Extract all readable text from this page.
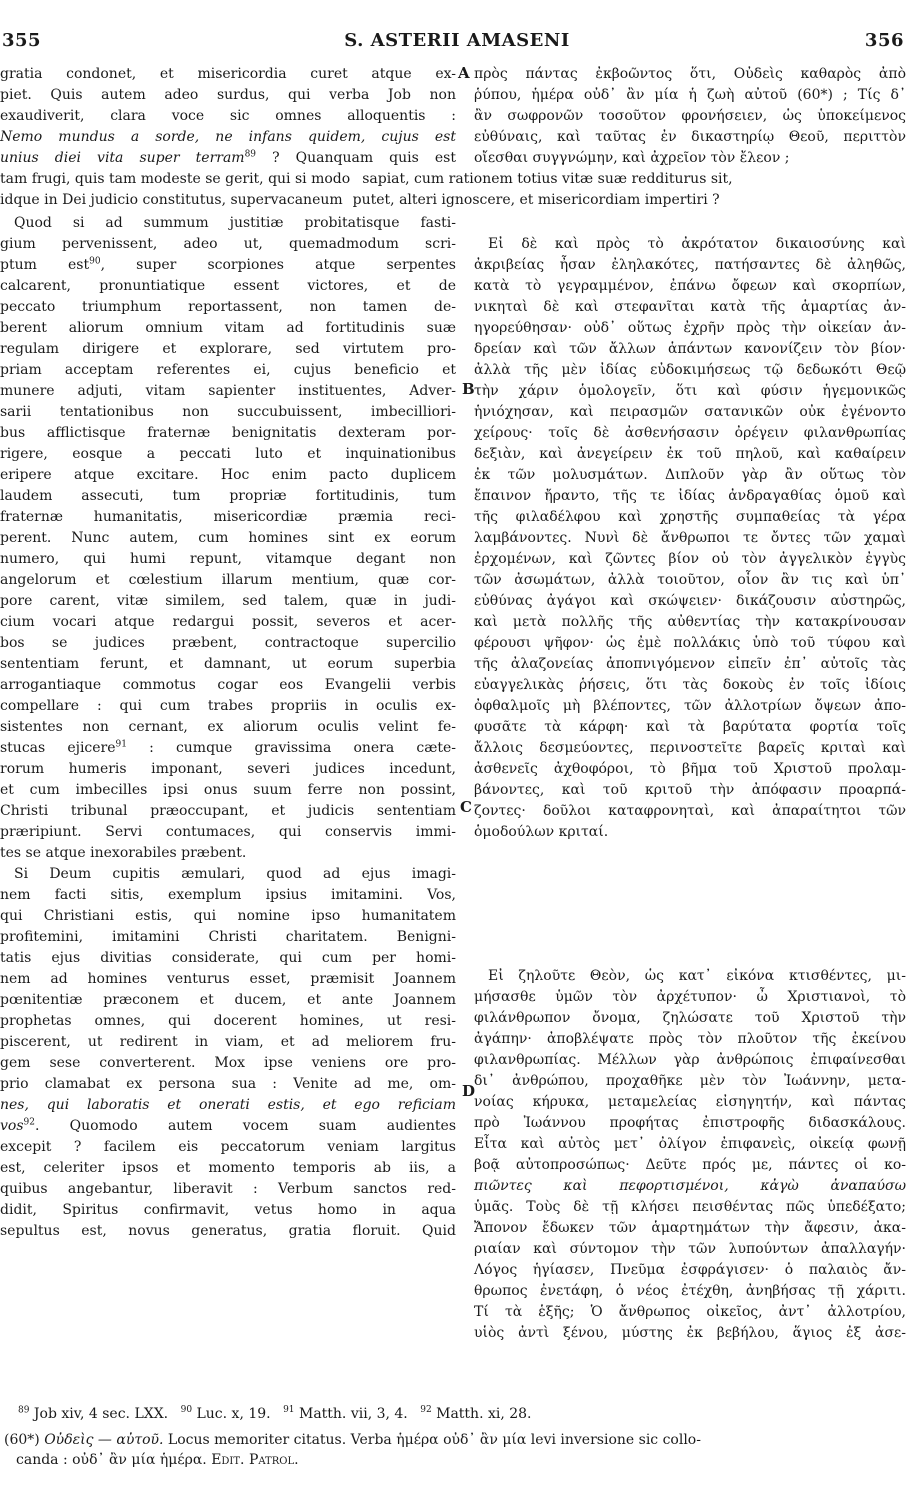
355	S. ASTERII AMASENI	356

gratia condonet, et misericordia curet atque ex-

piet. Quis autem adeo surdus, qui verba Job non

exaudiverit, clara voce sic omnes alloquentis :

Nemo mundus a sorde, ne infans quidem, cujus est

unius diei vita super terram$^{89}$ ? Quanquam quis est

tam frugi, quis tam modeste se gerit, qui si modo sapiat, cum rationem totius vitæ suæ redditurus sit,

idque in Dei judicio constitutus, supervacaneum putet, alteri ignoscere, et misericordiam impertiri ?

Quod si ad summum justitiæ probitatisque fasti-

gium pervenissent, adeo ut, quemadmodum scri-

ptum est$^{90}$, super scorpiones atque serpentes

calcarent, pronuntiatique essent victores, et de

peccato triumphum reportassent, non tamen de-

berent aliorum omnium vitam ad fortitudinis suæ

regulam dirigere et explorare, sed virtutem pro-

priam acceptam referentes ei, cujus beneficio et

munere adjuti, vitam sapienter instituentes, Adver-

sarii tentationibus non succubuissent, imbecilliori-

bus afflictisque fraternæ benignitatis dexteram por-

rigere, eosque a peccati luto et inquinationibus

eripere atque excitare. Hoc enim pacto duplicem

laudem assecuti, tum propriæ fortitudinis, tum

fraternæ humanitatis, misericordiæ præmia reci-

perent. Nunc autem, cum homines sint ex eorum

numero, qui humi repunt, vitamque degant non

angelorum et cœlestium illarum mentium, quæ cor-

pore carent, vitæ similem, sed talem, quæ in judi-

cium vocari atque redargui possit, severos et acer-

bos se judices præbent, contractoque supercilio

sententiam ferunt, et damnant, ut eorum superbia

arrogantiaque commotus cogar eos Evangelii verbis

compellare : qui cum trabes propriis in oculis ex-

sistentes non cernant, ex aliorum oculis velint fe-

stucas ejicere$^{91}$ : cumque gravissima onera cæte-

rorum humeris imponant, severi judices incedunt,

et cum imbecilles ipsi onus suum ferre non possint,

Christi tribunal præoccupant, et judicis sententiam

præripiunt. Servi contumaces, qui conservis immi-

tes se atque inexorabiles præbent.

Si Deum cupitis æmulari, quod ad ejus imagi-

nem facti sitis, exemplum ipsius imitamini. Vos,

qui Christiani estis, qui nomine ipso humanitatem

profitemini, imitamini Christi charitatem. Benigni-

tatis ejus divitias considerate, qui cum per homi-

nem ad homines venturus esset, præmisit Joannem

pœnitentiæ præconem et ducem, et ante Joannem

prophetas omnes, qui docerent homines, ut resi-

piscerent, ut redirent in viam, et ad meliorem fru-

gem sese converterent. Mox ipse veniens ore pro-

prio clamabat ex persona sua : Venite ad me, om-

nes, qui laboratis et onerati estis, et ego reficiam

vos$^{92}$. Quomodo autem vocem suam audientes

excepit ? facilem eis peccatorum veniam largitus

est, celeriter ipsos et momento temporis ab iis, a

quibus angebantur, liberavit : Verbum sanctos red-

didit, Spiritus confirmavit, vetus homo in aqua

sepultus est, novus generatus, gratia floruit. Quid

A
B
C
D

πρὸς πάντας ἐκβοῶντος ὅτι, Οὐδεὶς καθαρὸς ἀπὸ

ῥύπου, ἡμέρα οὐδ᾽ ἂν μία ἡ ζωὴ αὐτοῦ (60*) ; Τίς δ᾽

ἂν σωφρονῶν τοσοῦτον φρονήσειεν, ὡς ὑποκείμενος

εὐθύναις, καὶ ταῦτας ἐν δικαστηρίῳ Θεοῦ, περιττὸν

οἴεσθαι συγγνώμην, καὶ ἀχρεῖον τὸν ἔλεον ;

Εἰ δὲ καὶ πρὸς τὸ ἀκρότατον δικαιοσύνης καὶ

ἀκριβείας ἦσαν ἐληλακότες, πατήσαντες δὲ ἀληθῶς,

κατὰ τὸ γεγραμμένον, ἐπάνω ὄφεων καὶ σκορπίων,

νικηταὶ δὲ καὶ στεφανῖται κατὰ τῆς ἁμαρτίας ἀν-

ηγορεύθησαν· οὐδ᾽ οὕτως ἐχρῆν πρὸς τὴν οἰκείαν ἀν-

δρείαν καὶ τῶν ἄλλων ἁπάντων κανονίζειν τὸν βίον·

ἀλλὰ τῆς μὲν ἰδίας εὐδοκιμήσεως τῷ δεδωκότι Θεῷ

τὴν χάριν ὁμολογεῖν, ὅτι καὶ φύσιν ἡγεμονικῶς

ἡνιόχησαν, καὶ πειρασμῶν σατανικῶν οὐκ ἐγένοντο

χείρους· τοῖς δὲ ἀσθενήσασιν ὀρέγειν φιλανθρωπίας

δεξιὰν, καὶ ἀνεγείρειν ἐκ τοῦ πηλοῦ, καὶ καθαίρειν

ἐκ τῶν μολυσμάτων. Διπλοῦν γὰρ ἂν οὕτως τὸν

ἔπαινον ἤραντο, τῆς τε ἰδίας ἀνδραγαθίας ὁμοῦ καὶ

τῆς φιλαδέλφου καὶ χρηστῆς συμπαθείας τὰ γέρα

λαμβάνοντες. Νυνὶ δὲ ἄνθρωποι τε ὄντες τῶν χαμαὶ

ἐρχομένων, καὶ ζῶντες βίον οὐ τὸν ἀγγελικὸν ἐγγὺς

τῶν ἀσωμάτων, ἀλλὰ τοιοῦτον, οἷον ἂν τις καὶ ὑπ᾽

εὐθύνας ἀγάγοι καὶ σκώψειεν· δικάζουσιν αὐστηρῶς,

καὶ μετὰ πολλῆς τῆς αὐθεντίας τὴν κατακρίνουσαν

φέρουσι ψῆφον· ὡς ἐμὲ πολλάκις ὑπὸ τοῦ τύφου καὶ

τῆς ἀλαζονείας ἀποπνιγόμενον εἰπεῖν ἐπ᾽ αὐτοῖς τὰς

εὐαγγελικὰς ῥήσεις, ὅτι τὰς δοκοὺς ἐν τοῖς ἰδίοις

ὀφθαλμοῖς μὴ βλέποντες, τῶν ἀλλοτρίων ὄψεων ἀπο-

φυσᾶτε τὰ κάρφη· καὶ τὰ βαρύτατα φορτία τοῖς

ἄλλοις δεσμεύοντες, περινοστεῖτε βαρεῖς κριταὶ καὶ

ἀσθενεῖς ἀχθοφόροι, τὸ βῆμα τοῦ Χριστοῦ προλαμ-

βάνοντες, καὶ τοῦ κριτοῦ τὴν ἀπόφασιν προαρπά-

ζοντες· δοῦλοι καταφρονηταὶ, καὶ ἀπαραίτητοι τῶν

ὁμοδούλων κριταί.

Εἰ ζηλοῦτε Θεὸν, ὡς κατ᾽ εἰκόνα κτισθέντες, μι-

μήσασθε ὑμῶν τὸν ἀρχέτυπον· ὦ Χριστιανοὶ, τὸ

φιλάνθρωπον ὄνομα, ζηλώσατε τοῦ Χριστοῦ τὴν

ἀγάπην· ἀποβλέψατε πρὸς τὸν πλοῦτον τῆς ἐκείνου

φιλανθρωπίας. Μέλλων γὰρ ἀνθρώποις ἐπιφαίνεσθαι

δι᾽ ἀνθρώπου, προχαθῆκε μὲν τὸν Ἰωάννην, μετα-

νοίας κήρυκα, μεταμελείας εἰσηγητήν, καὶ πάντας

πρὸ Ἰωάννου προφήτας ἐπιστροφῆς διδασκάλους.

Εἶτα καὶ αὐτὸς μετ᾽ ὀλίγον ἐπιφανεὶς, οἰκείᾳ φωνῇ

βοᾷ αὐτοπροσώπως· Δεῦτε πρός με, πάντες οἱ κο-

πιῶντες καὶ πεφορτισμένοι, κἀγὼ ἀναπαύσω

ὑμᾶς. Τοὺς δὲ τῇ κλήσει πεισθέντας πῶς ὑπεδέξατο;

Ἄπονον ἔδωκεν τῶν ἁμαρτημάτων τὴν ἄφεσιν, ἀκα-

ριαίαν καὶ σύντομον τὴν τῶν λυπούντων ἀπαλλαγήν·

Λόγος ἡγίασεν, Πνεῦμα ἐσφράγισεν· ὁ παλαιὸς ἄν-

θρωπος ἐνετάφη, ὁ νέος ἐτέχθη, ἀνηβήσας τῇ χάριτι.

Τί τὰ ἑξῆς; Ὁ ἄνθρωπος οἰκεῖος, ἀντ᾽ ἀλλοτρίου,

υἱὸς ἀντὶ ξένου, μύστης ἐκ βεβήλου, ἅγιος ἐξ ἀσε-

$^{89}$ Job xiv, 4 sec. LXX. $^{90}$ Luc. x, 19. $^{91}$ Matth. vii, 3, 4. $^{92}$ Matth. xi, 28.

(60*) Οὐδεὶς — αὐτοῦ. Locus memoriter citatus. Verba ἡμέρα οὐδ᾽ ἂν μία levi inversione sic collo-

canda : οὐδ᾽ ἂν μία ἡμέρα. Edit. Patrol.
